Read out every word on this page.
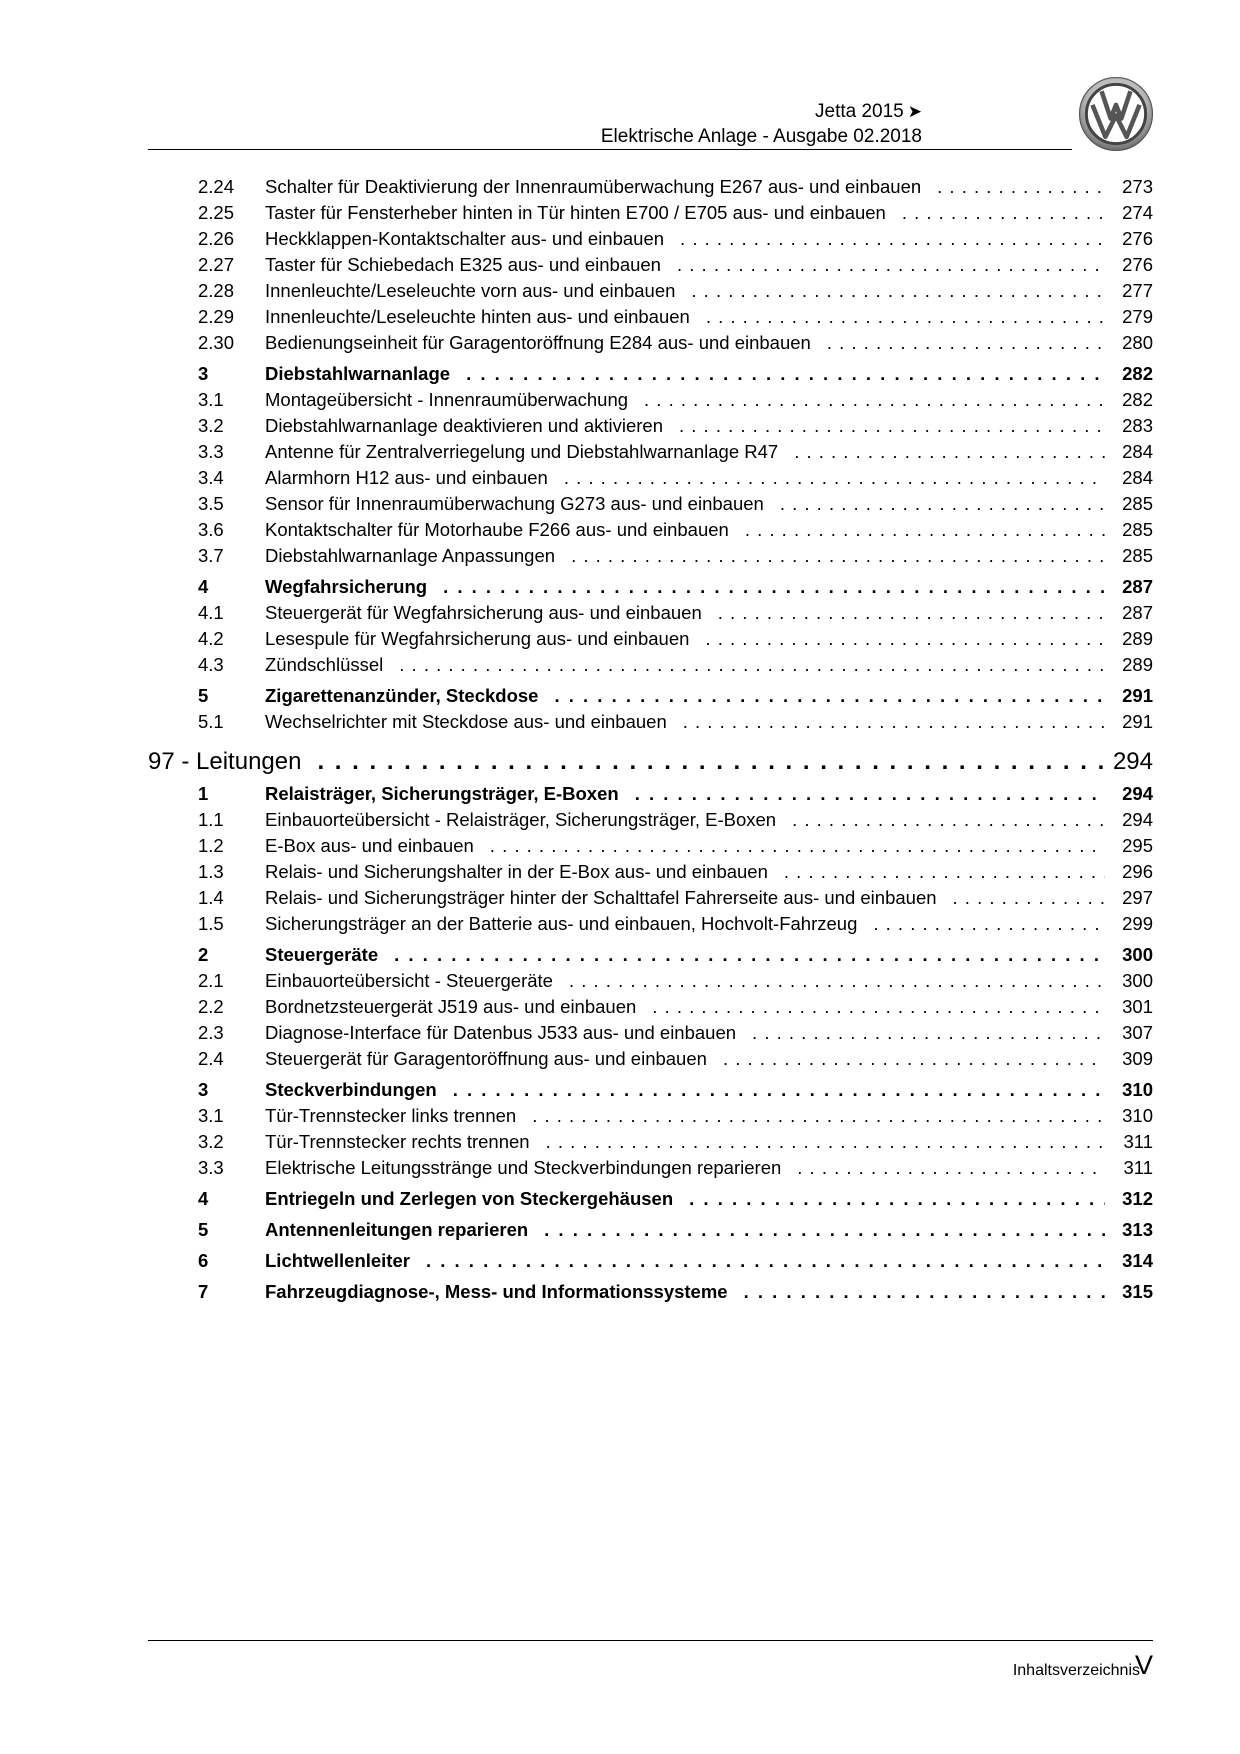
Jetta 2015 ➤
Elektrische Anlage - Ausgabe 02.2018
2.24 Schalter für Deaktivierung der Innenraumüberwachung E267 aus- und einbauen . . .	273
2.25 Taster für Fensterheber hinten in Tür hinten E700 / E705 aus- und einbauen . . .	274
2.26 Heckklappen-Kontaktschalter aus- und einbauen . . .	276
2.27 Taster für Schiebedach E325 aus- und einbauen . . .	276
2.28 Innenleuchte/Leseleuchte vorn aus- und einbauen . . .	277
2.29 Innenleuchte/Leseleuchte hinten aus- und einbauen . . .	279
2.30 Bedienungseinheit für Garagentoröffnung E284 aus- und einbauen . . .	280
3	Diebstahlwarnanlage . . .	282
3.1 Montageübersicht - Innenraumüberwachung . . .	282
3.2 Diebstahlwarnanlage deaktivieren und aktivieren . . .	283
3.3 Antenne für Zentralverriegelung und Diebstahlwarnanlage R47 . . .	284
3.4 Alarmhorn H12 aus- und einbauen . . .	284
3.5 Sensor für Innenraumüberwachung G273 aus- und einbauen . . .	285
3.6 Kontaktschalter für Motorhaube F266 aus- und einbauen . . .	285
3.7 Diebstahlwarnanlage Anpassungen . . .	285
4	Wegfahrsicherung . . .	287
4.1 Steuergerät für Wegfahrsicherung aus- und einbauen . . .	287
4.2 Lesespule für Wegfahrsicherung aus- und einbauen . . .	289
4.3 Zündschlüssel . . .	289
5	Zigarettenanzünder, Steckdose . . .	291
5.1 Wechselrichter mit Steckdose aus- und einbauen . . .	291
97 - Leitungen . . .	294
1	Relaisträger, Sicherungsträger, E-Boxen . . .	294
1.1 Einbauorteübersicht - Relaisträger, Sicherungsträger, E-Boxen . . .	294
1.2 E-Box aus- und einbauen . . .	295
1.3 Relais- und Sicherungshalter in der E-Box aus- und einbauen . . .	296
1.4 Relais- und Sicherungsträger hinter der Schalttafel Fahrerseite aus- und einbauen . . .	297
1.5 Sicherungsträger an der Batterie aus- und einbauen, Hochvolt-Fahrzeug . . .	299
2	Steuergeräte . . .	300
2.1 Einbauorteübersicht - Steuergeräte . . .	300
2.2 Bordnetzsteuergerät J519 aus- und einbauen . . .	301
2.3 Diagnose-Interface für Datenbus J533 aus- und einbauen . . .	307
2.4 Steuergerät für Garagentoröffnung aus- und einbauen . . .	309
3	Steckverbindungen . . .	310
3.1 Tür-Trennstecker links trennen . . .	310
3.2 Tür-Trennstecker rechts trennen . . .	311
3.3 Elektrische Leitungsstränge und Steckverbindungen reparieren . . .	311
4	Entriegeln und Zerlegen von Steckergehäusen . . .	312
5	Antennenleitungen reparieren . . .	313
6	Lichtwellenleiter . . .	314
7	Fahrzeugdiagnose-, Mess- und Informationssysteme . . .	315
Inhaltsverzeichnis
V
